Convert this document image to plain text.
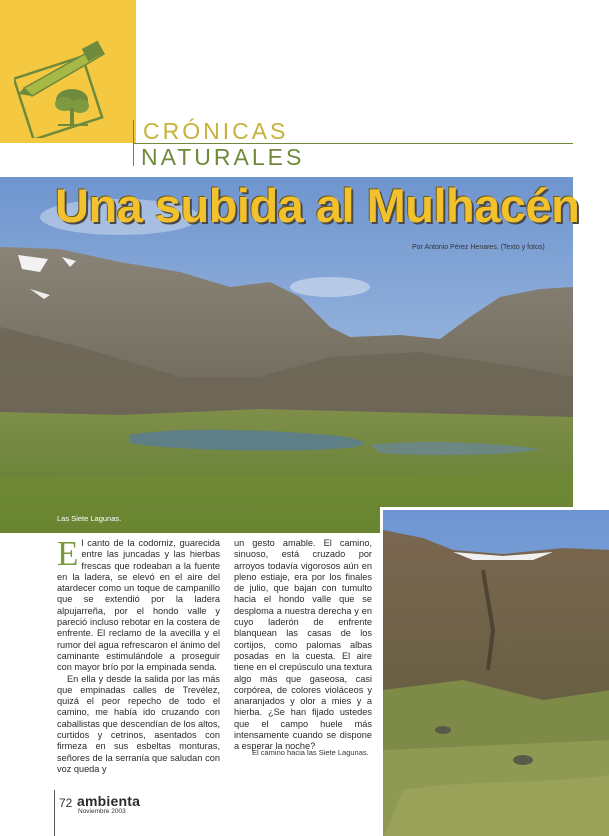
CRÓNICAS
NATURALES
Una subida al Mulhacén
Por Antonio Pérez Henares. (Texto y fotos)
Las Siete Lagunas.

El canto de la codorniz, guarecida entre las juncadas y las hierbas frescas que rodeaban a la fuente en la ladera, se elevó en el aire del atardecer como un toque de campanillo que se extendió por la ladera alpujarreña, por el hondo valle y pareció incluso rebotar en la costera de enfrente. El reclamo de la avecilla y el rumor del agua refrescaron el ánimo del caminante estimulándole a proseguir con mayor brío por la empinada senda.

En ella y desde la salida por las más que empinadas calles de Trevélez, quizá el peor repecho de todo el camino, me había ido cruzando con caballistas que descendían de los altos, curtidos y cetrinos, asentados con firmeza en sus esbeltas monturas, señores de la serranía que saludan con voz queda y

un gesto amable. El camino, sinuoso, está cruzado por arroyos todavía vigorosos aún en pleno estiaje, era por los finales de julio, que bajan con tumulto hacia el hondo valle que se desploma a nuestra derecha y en cuyo laderón de enfrente blanquean las casas de los cortijos, como palomas albas posadas en la cuesta. El aire tiene en el crepúsculo una textura algo más que gaseosa, casi corpórea, de colores violáceos y anaranjados y olor a mies y a hierba. ¿Se han fijado ustedes que el campo huele más intensamente cuando se dispone a esperar la noche?

El camino hacia las Siete Lagunas.
72 ambienta
Noviembre 2003
